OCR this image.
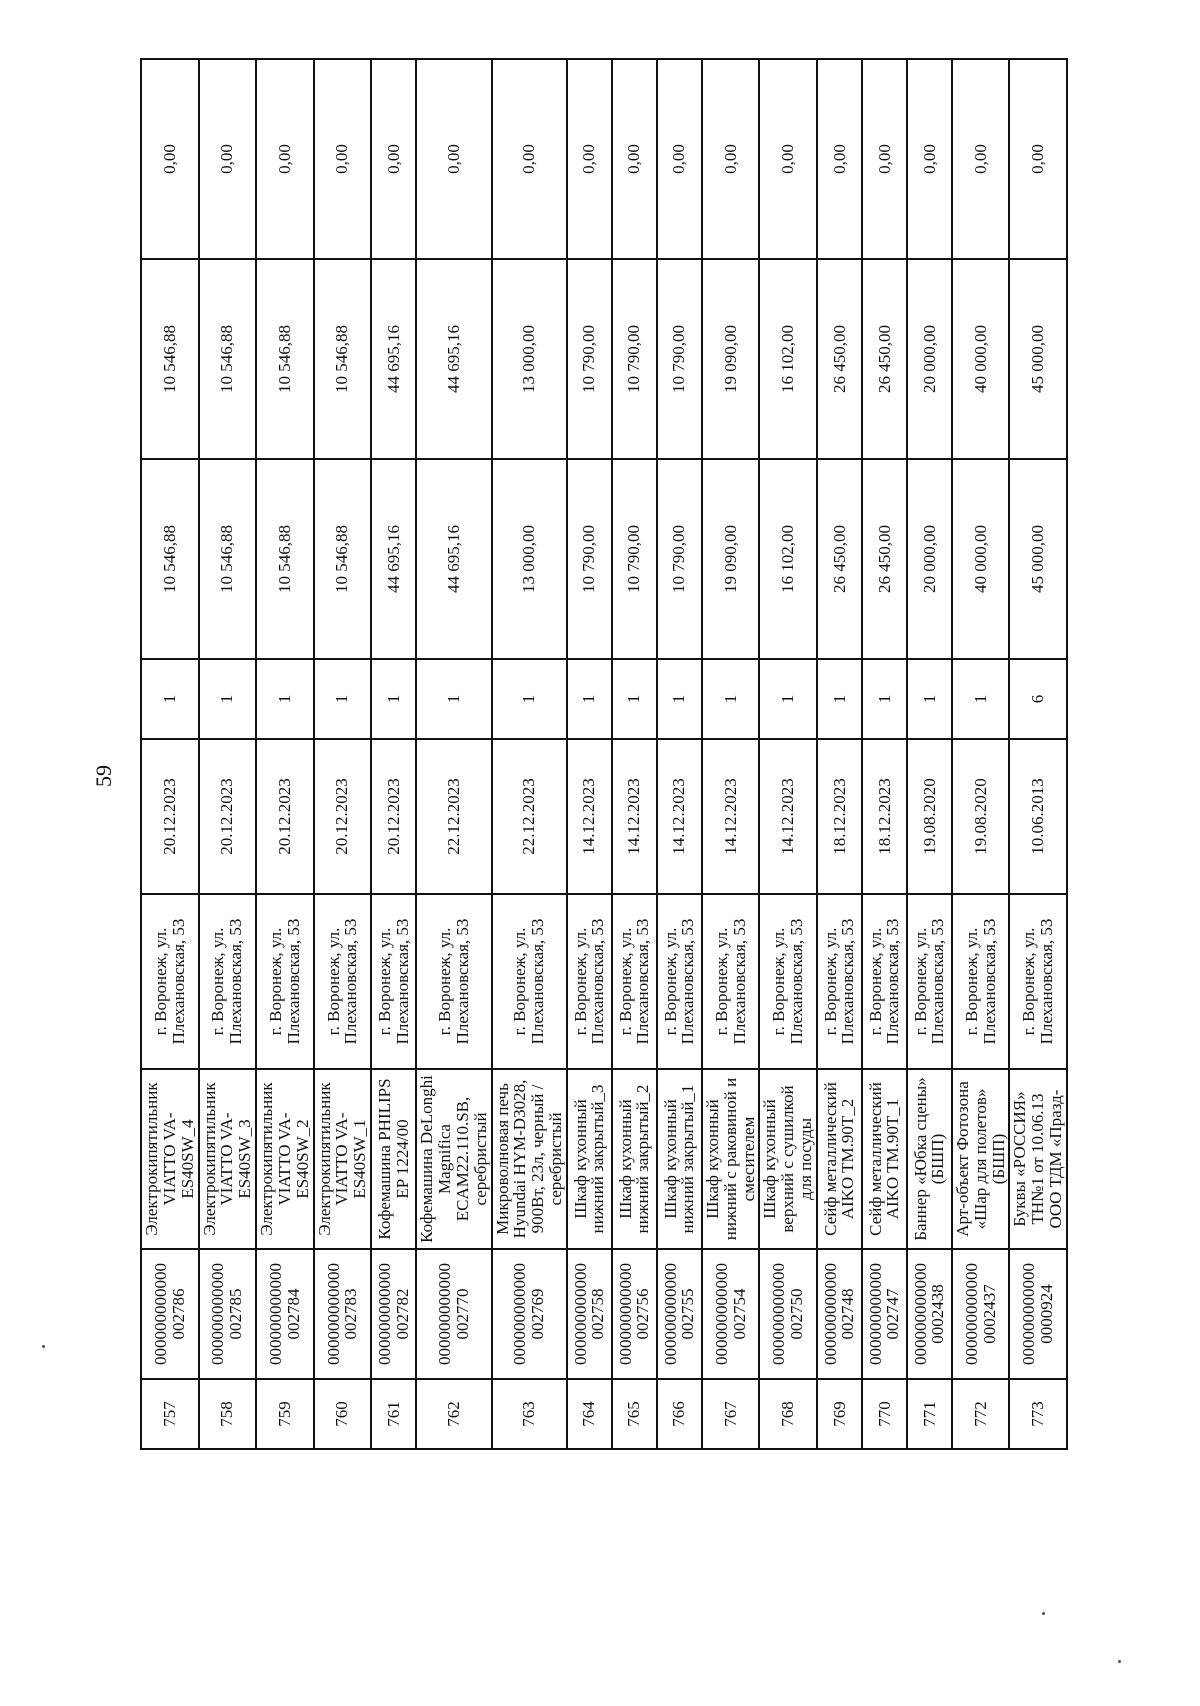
59
757	000000000000 002786	Электрокипятильник VIATTO VA-ES40SW_4	г. Воронеж, ул. Плехановская, 53	20.12.2023	1	10 546,88	10 546,88	0,00
758	000000000000 002785	Электрокипятильник VIATTO VA-ES40SW_3	г. Воронеж, ул. Плехановская, 53	20.12.2023	1	10 546,88	10 546,88	0,00
759	000000000000 002784	Электрокипятильник VIATTO VA-ES40SW_2	г. Воронеж, ул. Плехановская, 53	20.12.2023	1	10 546,88	10 546,88	0,00
760	000000000000 002783	Электрокипятильник VIATTO VA-ES40SW_1	г. Воронеж, ул. Плехановская, 53	20.12.2023	1	10 546,88	10 546,88	0,00
761	000000000000 002782	Кофемашина PHILIPS EP 1224/00	г. Воронеж, ул. Плехановская, 53	20.12.2023	1	44 695,16	44 695,16	0,00
762	000000000000 002770	Кофемашина DeLonghi Magnifica ECAM22.110.SB, серебристый	г. Воронеж, ул. Плехановская, 53	22.12.2023	1	44 695,16	44 695,16	0,00
763	000000000000 002769	Микроволновая печь Hyundai HYM-D3028, 900Вт, 23л, черный /серебристый	г. Воронеж, ул. Плехановская, 53	22.12.2023	1	13 000,00	13 000,00	0,00
764	000000000000 002758	Шкаф кухонный нижний закрытый_3	г. Воронеж, ул. Плехановская, 53	14.12.2023	1	10 790,00	10 790,00	0,00
765	000000000000 002756	Шкаф кухонный нижний закрытый_2	г. Воронеж, ул. Плехановская, 53	14.12.2023	1	10 790,00	10 790,00	0,00
766	000000000000 002755	Шкаф кухонный нижний закрытый_1	г. Воронеж, ул. Плехановская, 53	14.12.2023	1	10 790,00	10 790,00	0,00
767	000000000000 002754	Шкаф кухонный нижний с раковиной и смесителем	г. Воронеж, ул. Плехановская, 53	14.12.2023	1	19 090,00	19 090,00	0,00
768	000000000000 002750	Шкаф кухонный верхний с сушилкой для посуды	г. Воронеж, ул. Плехановская, 53	14.12.2023	1	16 102,00	16 102,00	0,00
769	000000000000 002748	Сейф металлический AIKO TM.90T_2	г. Воронеж, ул. Плехановская, 53	18.12.2023	1	26 450,00	26 450,00	0,00
770	000000000000 002747	Сейф металлический AIKO TM.90T_1	г. Воронеж, ул. Плехановская, 53	18.12.2023	1	26 450,00	26 450,00	0,00
771	000000000000 0002438	Баннер «Юбка сцены» (БШП)	г. Воронеж, ул. Плехановская, 53	19.08.2020	1	20 000,00	20 000,00	0,00
772	000000000000 0002437	Арт-объект Фотозона «Шар для полетов» (БШП)	г. Воронеж, ул. Плехановская, 53	19.08.2020	1	40 000,00	40 000,00	0,00
773	000000000000 0000924	Буквы «РОССИЯ» ТН№1 от 10.06.13 ООО ТДМ «Празд-	г. Воронеж, ул. Плехановская, 53	10.06.2013	6	45 000,00	45 000,00	0,00
